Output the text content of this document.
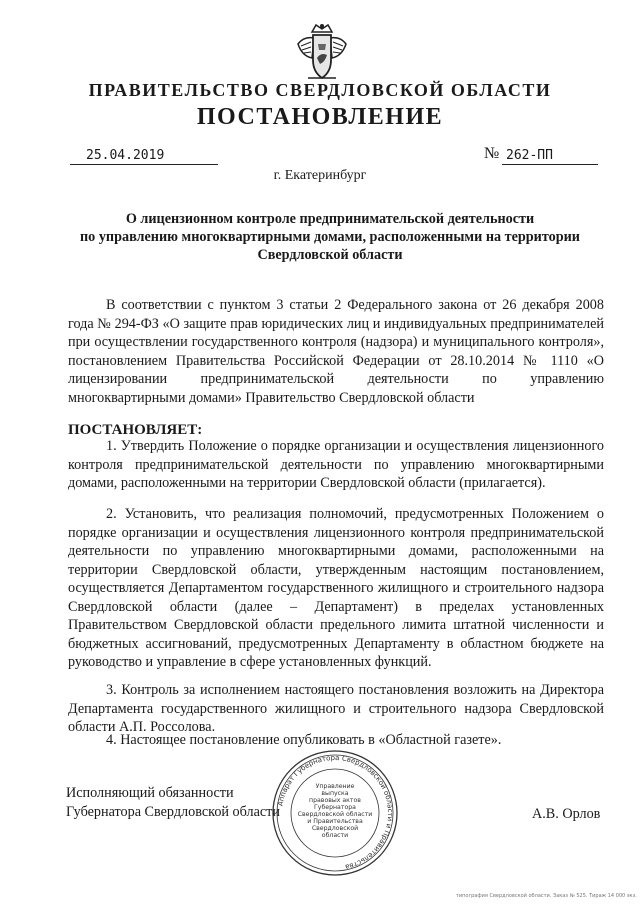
ПРАВИТЕЛЬСТВО СВЕРДЛОВСКОЙ ОБЛАСТИ
ПОСТАНОВЛЕНИЕ
25.04.2019	№ 262-ПП
г. Екатеринбург
О лицензионном контроле предпринимательской деятельности
по управлению многоквартирными домами, расположенными на территории
Свердловской области
В соответствии с пунктом 3 статьи 2 Федерального закона от 26 декабря 2008 года № 294-ФЗ «О защите прав юридических лиц и индивидуальных предпринимателей при осуществлении государственного контроля (надзора) и муниципального контроля», постановлением Правительства Российской Федерации от 28.10.2014 № 1110 «О лицензировании предпринимательской деятельности по управлению многоквартирными домами» Правительство Свердловской области
ПОСТАНОВЛЯЕТ:
1. Утвердить Положение о порядке организации и осуществления лицензионного контроля предпринимательской деятельности по управлению многоквартирными домами, расположенными на территории Свердловской области (прилагается).
2. Установить, что реализация полномочий, предусмотренных Положением о порядке организации и осуществления лицензионного контроля предпринимательской деятельности по управлению многоквартирными домами, расположенными на территории Свердловской области, утвержденным настоящим постановлением, осуществляется Департаментом государственного жилищного и строительного надзора Свердловской области (далее – Департамент) в пределах установленных Правительством Свердловской области предельного лимита штатной численности и бюджетных ассигнований, предусмотренных Департаменту в областном бюджете на руководство и управление в сфере установленных функций.
3. Контроль за исполнением настоящего постановления возложить на Директора Департамента государственного жилищного и строительного надзора Свердловской области А.П. Россолова.
4. Настоящее постановление опубликовать в «Областной газете».
Исполняющий обязанности
Губернатора Свердловской области	А.В. Орлов
Аппарат Губернатора Свердловской области и Правительства
Управление
выпуска
правовых актов
Губернатора
Свердловской области
и Правительства
Свердловской
области
типография Свердловской области. Заказ № 525. Тираж 14 000 экз.
